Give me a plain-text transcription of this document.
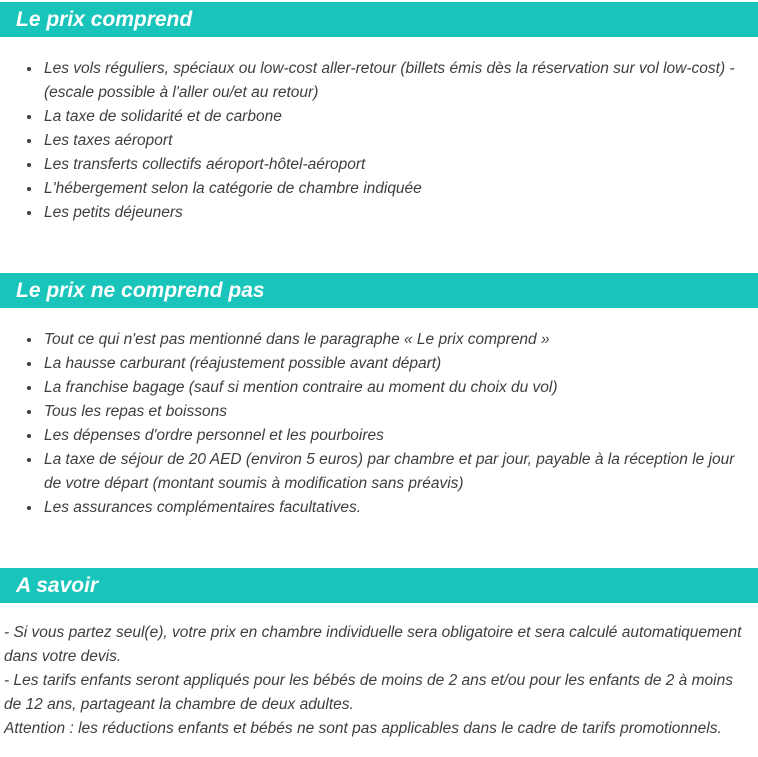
Le prix comprend
• Les vols réguliers, spéciaux ou low-cost aller-retour (billets émis dès la réservation sur vol low-cost) - (escale possible à l'aller ou/et au retour)
• La taxe de solidarité et de carbone
• Les taxes aéroport
• Les transferts collectifs aéroport-hôtel-aéroport
• L'hébergement selon la catégorie de chambre indiquée
• Les petits déjeuners
Le prix ne comprend pas
• Tout ce qui n'est pas mentionné dans le paragraphe « Le prix comprend »
• La hausse carburant (réajustement possible avant départ)
• La franchise bagage (sauf si mention contraire au moment du choix du vol)
• Tous les repas et boissons
• Les dépenses d'ordre personnel et les pourboires
• La taxe de séjour de 20 AED (environ 5 euros) par chambre et par jour, payable à la réception le jour de votre départ (montant soumis à modification sans préavis)
• Les assurances complémentaires facultatives.
A savoir

- Si vous partez seul(e), votre prix en chambre individuelle sera obligatoire et sera calculé automatiquement dans votre devis.

- Les tarifs enfants seront appliqués pour les bébés de moins de 2 ans et/ou pour les enfants de 2 à moins de 12 ans, partageant la chambre de deux adultes.

Attention : les réductions enfants et bébés ne sont pas applicables dans le cadre de tarifs promotionnels.
